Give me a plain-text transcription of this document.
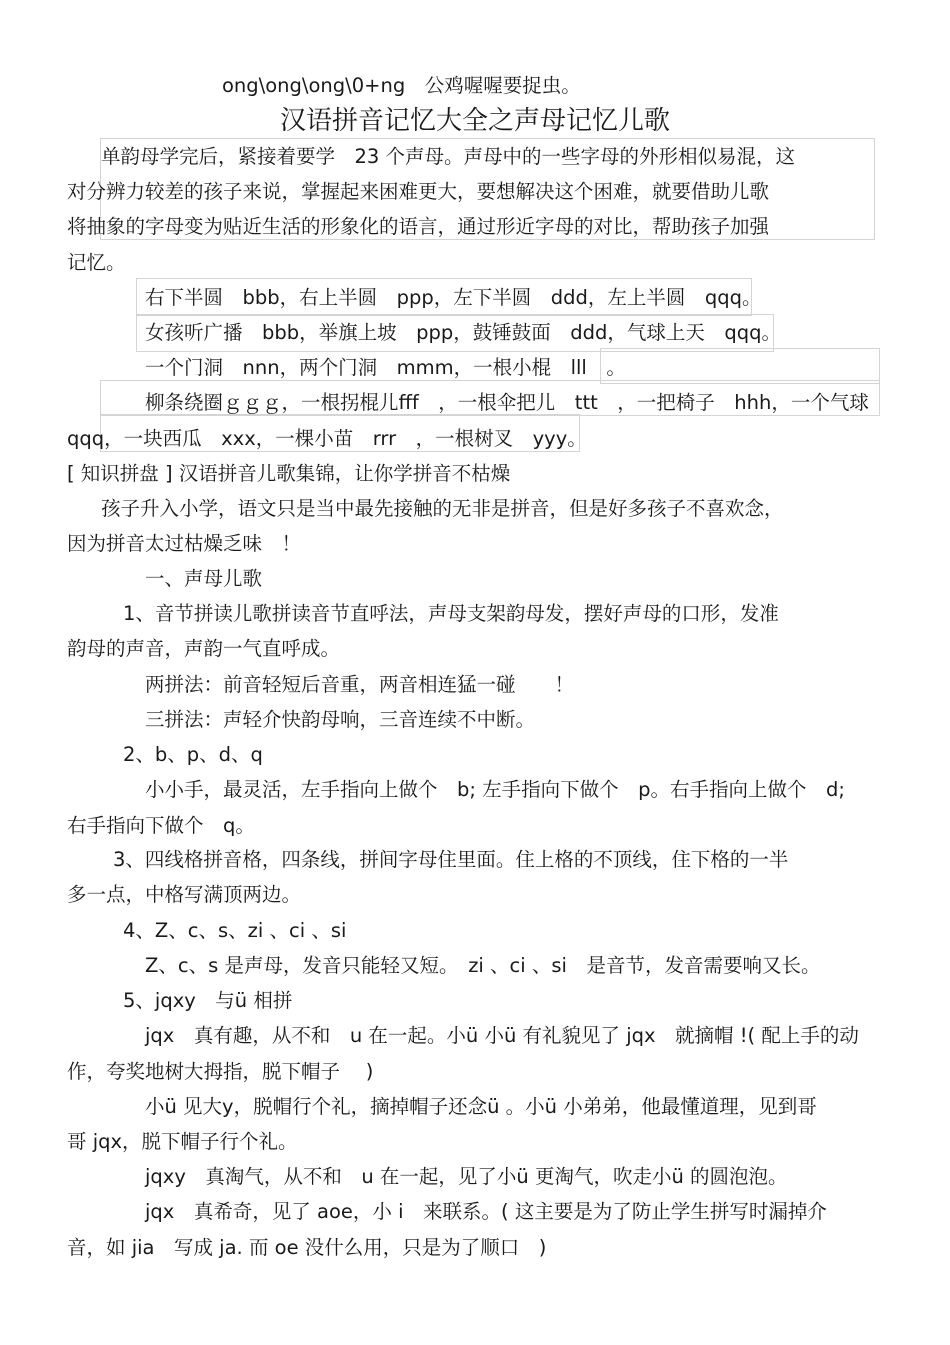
ong\ong\ong\0+ng　公鸡喔喔要捉虫。
汉语拼音记忆大全之声母记忆儿歌
单韵母学完后，紧接着要学　23 个声母。声母中的一些字母的外形相似易混，这
对分辨力较差的孩子来说，掌握起来困难更大，要想解决这个困难，就要借助儿歌
将抽象的字母变为贴近生活的形象化的语言，通过形近字母的对比，帮助孩子加强
记忆。
右下半圆　bbb，右上半圆　ppp，左下半圆　ddd，左上半圆　qqq。
女孩听广播　bbb，举旗上坡　ppp，鼓锤鼓面　ddd，气球上天　qqq。
一个门洞　nnn，两个门洞　mmm，一根小棍　lll　。
柳条绕圈ｇｇｇ，一根拐棍儿fff　，一根伞把儿　ttt　，一把椅子　hhh，一个气球
qqq，一块西瓜　xxx，一棵小苗　rrr　，一根树叉　yyy。
[ 知识拼盘 ] 汉语拼音儿歌集锦，让你学拼音不枯燥
孩子升入小学，语文只是当中最先接触的无非是拼音，但是好多孩子不喜欢念，
因为拼音太过枯燥乏味　！
一、声母儿歌
1、音节拼读儿歌拼读音节直呼法，声母支架韵母发，摆好声母的口形，发准
韵母的声音，声韵一气直呼成。
两拼法：前音轻短后音重，两音相连猛一碰　　！
三拼法：声轻介快韵母响，三音连续不中断。
2、b、p、d、q
小小手，最灵活，左手指向上做个　b; 左手指向下做个　p。右手指向上做个　d;
右手指向下做个　q。
3、四线格拼音格，四条线，拼间字母住里面。住上格的不顶线，住下格的一半
多一点，中格写满顶两边。
4、Z、c、s、zi 、ci 、si
Z、c、s 是声母，发音只能轻又短。　zi 、ci 、si　是音节，发音需要响又长。
5、jqxy　与ü 相拼
jqx　真有趣，从不和　u 在一起。小ü 小ü 有礼貌见了 jqx　就摘帽 !( 配上手的动
作，夸奖地树大拇指，脱下帽子　 )
小ü 见大y，脱帽行个礼，摘掉帽子还念ü 。小ü 小弟弟，他最懂道理，见到哥
哥 jqx，脱下帽子行个礼。
jqxy　真淘气，从不和　u 在一起，见了小ü 更淘气，吹走小ü 的圆泡泡。
jqx　真希奇，见了 aoe，小 i　来联系。( 这主要是为了防止学生拼写时漏掉介
音，如 jia　写成 ja. 而 oe 没什么用，只是为了顺口　)
